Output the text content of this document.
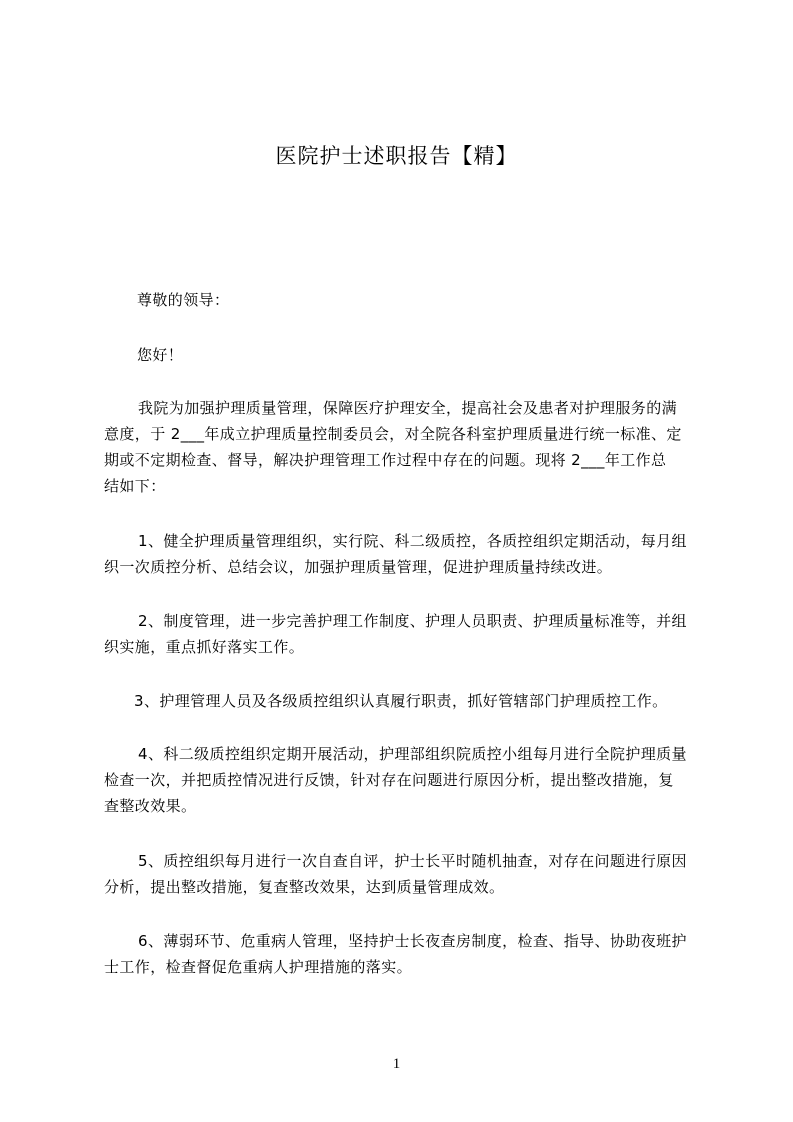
医院护士述职报告【精】

尊敬的领导：

您好！

我院为加强护理质量管理，保障医疗护理安全，提高社会及患者对护理服务的满
意度，于 2___年成立护理质量控制委员会，对全院各科室护理质量进行统一标准、定
期或不定期检查、督导，解决护理管理工作过程中存在的问题。现将 2___年工作总
结如下：

1、健全护理质量管理组织，实行院、科二级质控，各质控组织定期活动，每月组
织一次质控分析、总结会议，加强护理质量管理，促进护理质量持续改进。

2、制度管理，进一步完善护理工作制度、护理人员职责、护理质量标准等，并组
织实施，重点抓好落实工作。

3、护理管理人员及各级质控组织认真履行职责，抓好管辖部门护理质控工作。

4、科二级质控组织定期开展活动，护理部组织院质控小组每月进行全院护理质量
检查一次，并把质控情况进行反馈，针对存在问题进行原因分析，提出整改措施，复
查整改效果。

5、质控组织每月进行一次自查自评，护士长平时随机抽查，对存在问题进行原因
分析，提出整改措施，复查整改效果，达到质量管理成效。

6、薄弱环节、危重病人管理，坚持护士长夜查房制度，检查、指导、协助夜班护
士工作，检查督促危重病人护理措施的落实。

1
